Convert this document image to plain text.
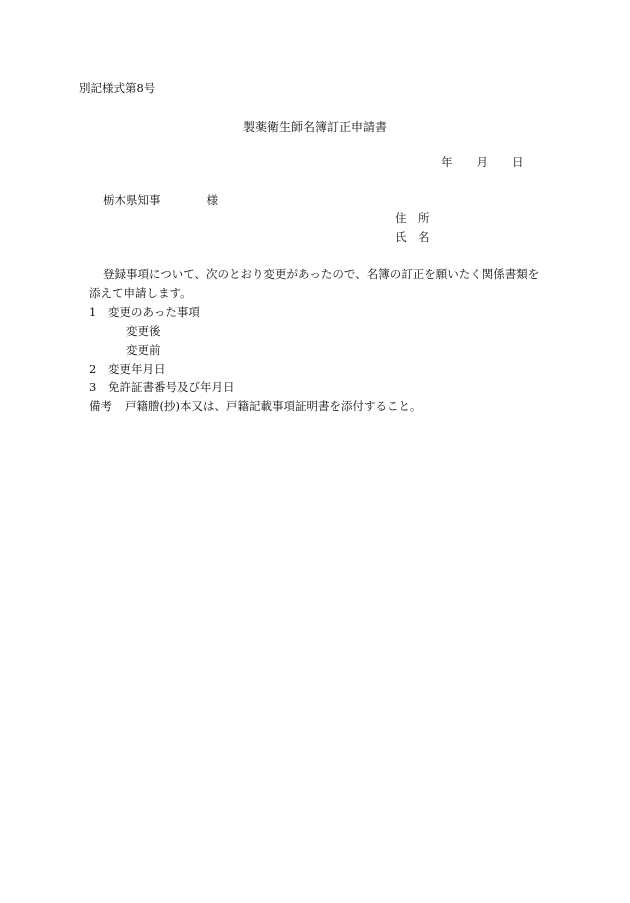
別記様式第8号
製薬衛生師名簿訂正申請書
年 月 日
栃木県知事	様
住　所
氏　名
登録事項について、次のとおり変更があったので、名簿の訂正を願いたく関係書類を
添えて申請します。
1 変更のあった事項
変更後
変更前
2 変更年月日
3 免許証書番号及び年月日
備考 戸籍謄(抄)本又は、戸籍記載事項証明書を添付すること。
